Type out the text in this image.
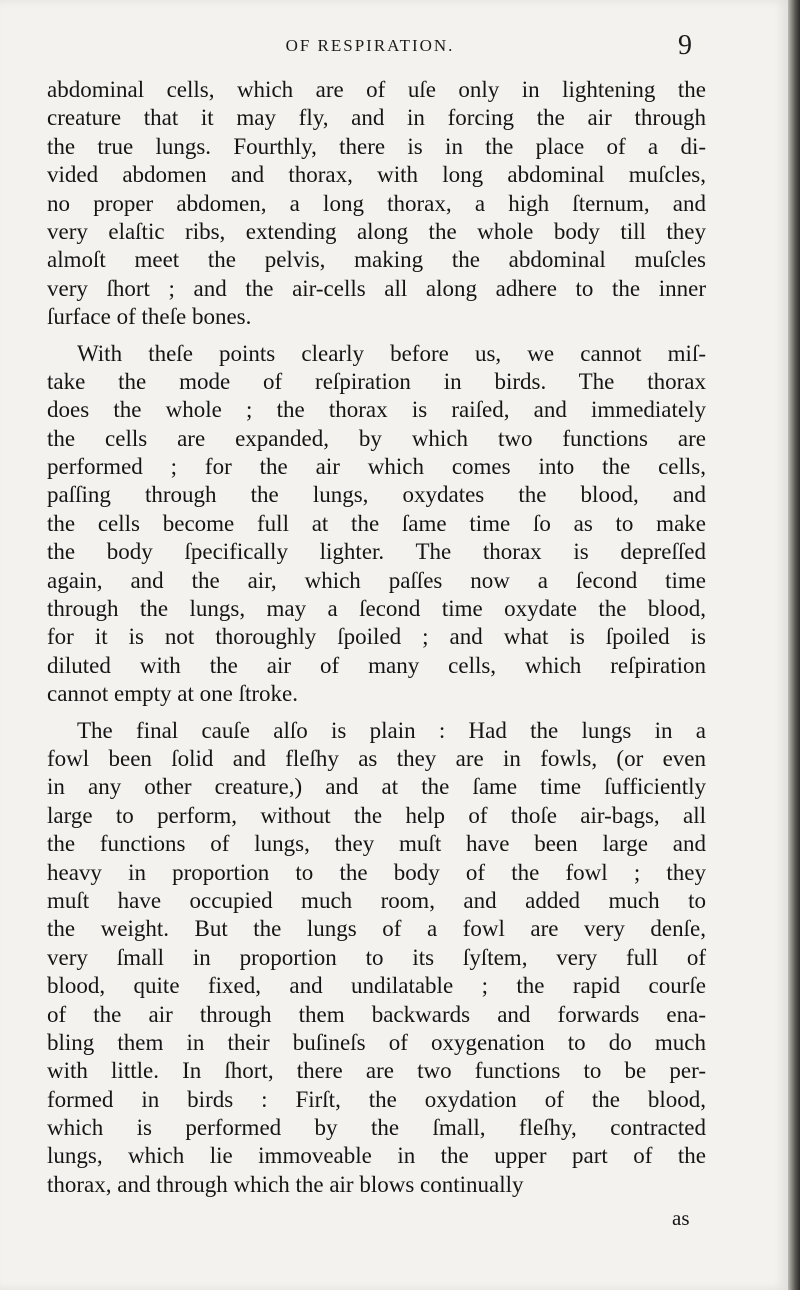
OF RESPIRATION.	9
abdominal cells, which are of uſe only in lightening the
creature that it may fly, and in forcing the air through
the true lungs. Fourthly, there is in the place of a di-
vided abdomen and thorax, with long abdominal muſcles,
no proper abdomen, a long thorax, a high ſternum, and
very elaſtic ribs, extending along the whole body till they
almoſt meet the pelvis, making the abdominal muſcles
very ſhort ; and the air-cells all along adhere to the inner
ſurface of theſe bones.
With theſe points clearly before us, we cannot miſ-
take the mode of reſpiration in birds. The thorax
does the whole ; the thorax is raiſed, and immediately
the cells are expanded, by which two functions are
performed ; for the air which comes into the cells,
paſſing through the lungs, oxydates the blood, and
the cells become full at the ſame time ſo as to make
the body ſpecifically lighter. The thorax is depreſſed
again, and the air, which paſſes now a ſecond time
through the lungs, may a ſecond time oxydate the blood,
for it is not thoroughly ſpoiled ; and what is ſpoiled is
diluted with the air of many cells, which reſpiration
cannot empty at one ſtroke.
The final cauſe alſo is plain : Had the lungs in a
fowl been ſolid and fleſhy as they are in fowls, (or even
in any other creature,) and at the ſame time ſufficiently
large to perform, without the help of thoſe air-bags, all
the functions of lungs, they muſt have been large and
heavy in proportion to the body of the fowl ; they
muſt have occupied much room, and added much to
the weight. But the lungs of a fowl are very denſe,
very ſmall in proportion to its ſyſtem, very full of
blood, quite fixed, and undilatable ; the rapid courſe
of the air through them backwards and forwards ena-
bling them in their buſineſs of oxygenation to do much
with little. In ſhort, there are two functions to be per-
formed in birds : Firſt, the oxydation of the blood,
which is performed by the ſmall, fleſhy, contracted
lungs, which lie immoveable in the upper part of the
thorax, and through which the air blows continually
as
